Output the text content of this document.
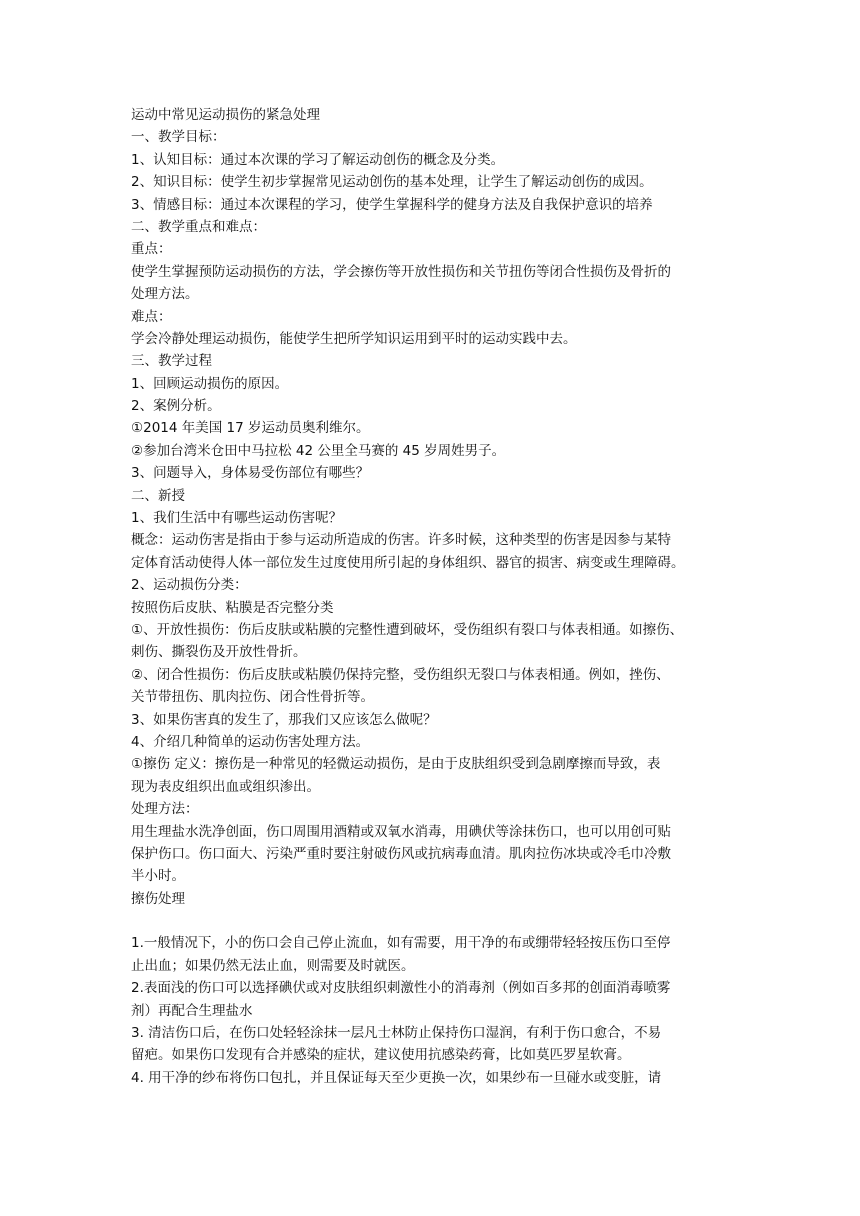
运动中常见运动损伤的紧急处理
一、教学目标：
1、认知目标：通过本次课的学习了解运动创伤的概念及分类。
2、知识目标：使学生初步掌握常见运动创伤的基本处理，让学生了解运动创伤的成因。
3、情感目标：通过本次课程的学习，使学生掌握科学的健身方法及自我保护意识的培养
二、教学重点和难点：
重点：
使学生掌握预防运动损伤的方法，学会擦伤等开放性损伤和关节扭伤等闭合性损伤及骨折的
处理方法。
难点：
学会冷静处理运动损伤，能使学生把所学知识运用到平时的运动实践中去。
三、教学过程
1、回顾运动损伤的原因。
2、案例分析。
①2014 年美国 17 岁运动员奥利维尔。
②参加台湾米仓田中马拉松 42 公里全马赛的 45 岁周姓男子。
3、问题导入，身体易受伤部位有哪些？
二、新授
1、我们生活中有哪些运动伤害呢？
概念：运动伤害是指由于参与运动所造成的伤害。许多时候，这种类型的伤害是因参与某特
定体育活动使得人体一部位发生过度使用所引起的身体组织、器官的损害、病变或生理障碍。
2、运动损伤分类：
按照伤后皮肤、粘膜是否完整分类
①、开放性损伤：伤后皮肤或粘膜的完整性遭到破坏，受伤组织有裂口与体表相通。如擦伤、
刺伤、撕裂伤及开放性骨折。
②、闭合性损伤：伤后皮肤或粘膜仍保持完整，受伤组织无裂口与体表相通。例如，挫伤、
关节带扭伤、肌肉拉伤、闭合性骨折等。
3、如果伤害真的发生了，那我们又应该怎么做呢？
4、介绍几种简单的运动伤害处理方法。
①擦伤 定义：擦伤是一种常见的轻微运动损伤，是由于皮肤组织受到急剧摩擦而导致，表
现为表皮组织出血或组织渗出。
处理方法：
用生理盐水洗净创面，伤口周围用酒精或双氧水消毒，用碘伏等涂抹伤口，也可以用创可贴
保护伤口。伤口面大、污染严重时要注射破伤风或抗病毒血清。肌肉拉伤冰块或冷毛巾冷敷
半小时。
擦伤处理
1.一般情况下，小的伤口会自己停止流血，如有需要，用干净的布或绷带轻轻按压伤口至停
止出血；如果仍然无法止血，则需要及时就医。
2.表面浅的伤口可以选择碘伏或对皮肤组织刺激性小的消毒剂（例如百多邦的创面消毒喷雾
剂）再配合生理盐水
3. 清洁伤口后，在伤口处轻轻涂抹一层凡士林防止保持伤口湿润，有利于伤口愈合，不易
留疤。如果伤口发现有合并感染的症状，建议使用抗感染药膏，比如莫匹罗星软膏。
4. 用干净的纱布将伤口包扎，并且保证每天至少更换一次，如果纱布一旦碰水或变脏，请
